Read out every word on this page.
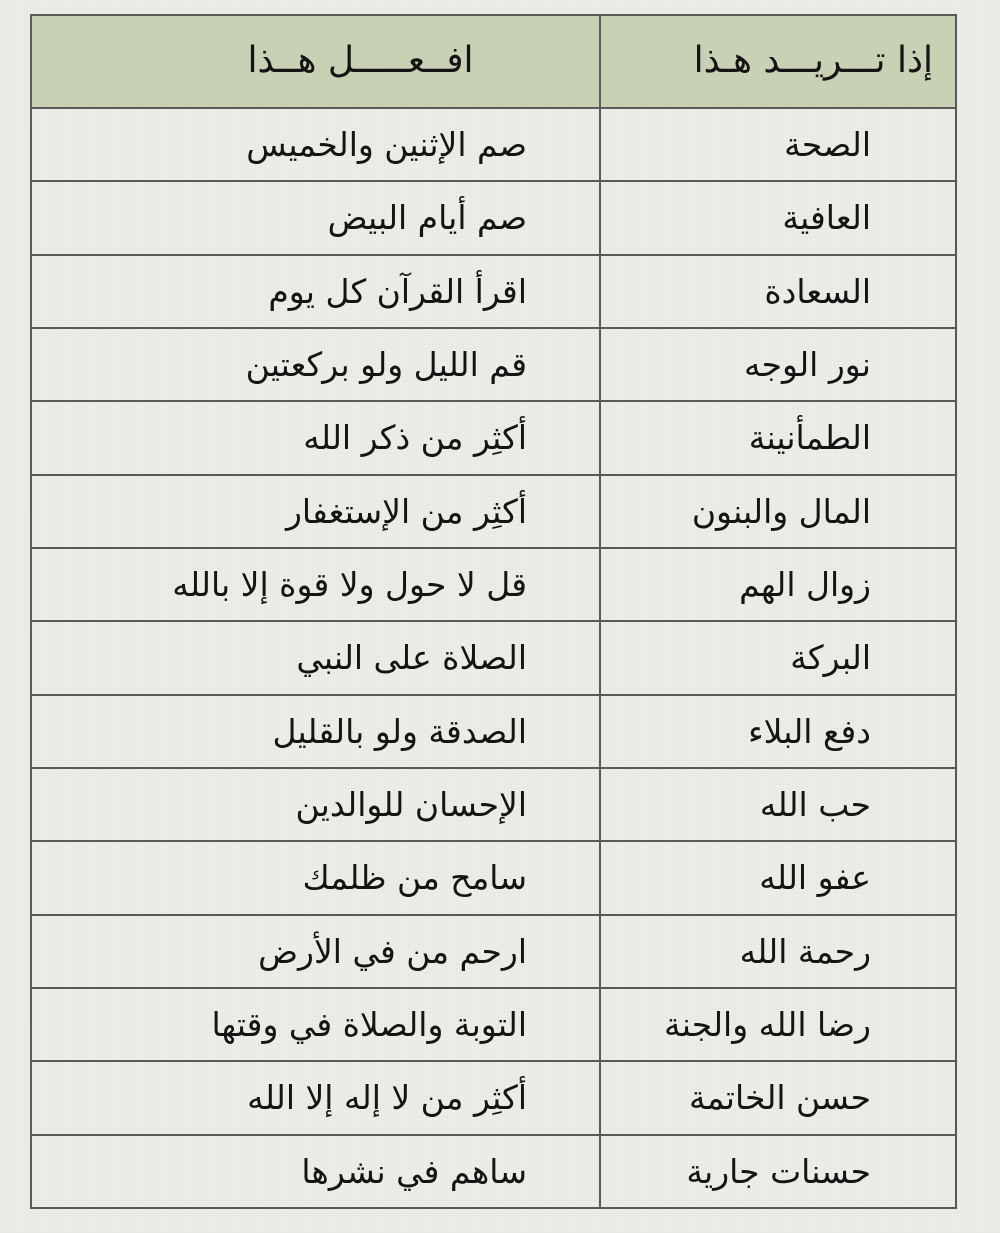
افــعـــــل هــذا	إذا تـــريـــد هـذا
صم الإثنين والخميس	الصحة
صم أيام البيض	العافية
اقرأ القرآن كل يوم	السعادة
قم الليل ولو بركعتين	نور الوجه
أكثِر من ذكر الله	الطمأنينة
أكثِر من الإستغفار	المال والبنون
قل لا حول ولا قوة إلا بالله	زوال الهم
الصلاة على النبي	البركة
الصدقة ولو بالقليل	دفع البلاء
الإحسان للوالدين	حب الله
سامح من ظلمك	عفو الله
ارحم من في الأرض	رحمة الله
التوبة والصلاة في وقتها	رضا الله والجنة
أكثِر من لا إله إلا الله	حسن الخاتمة
ساهم في نشرها	حسنات جارية
